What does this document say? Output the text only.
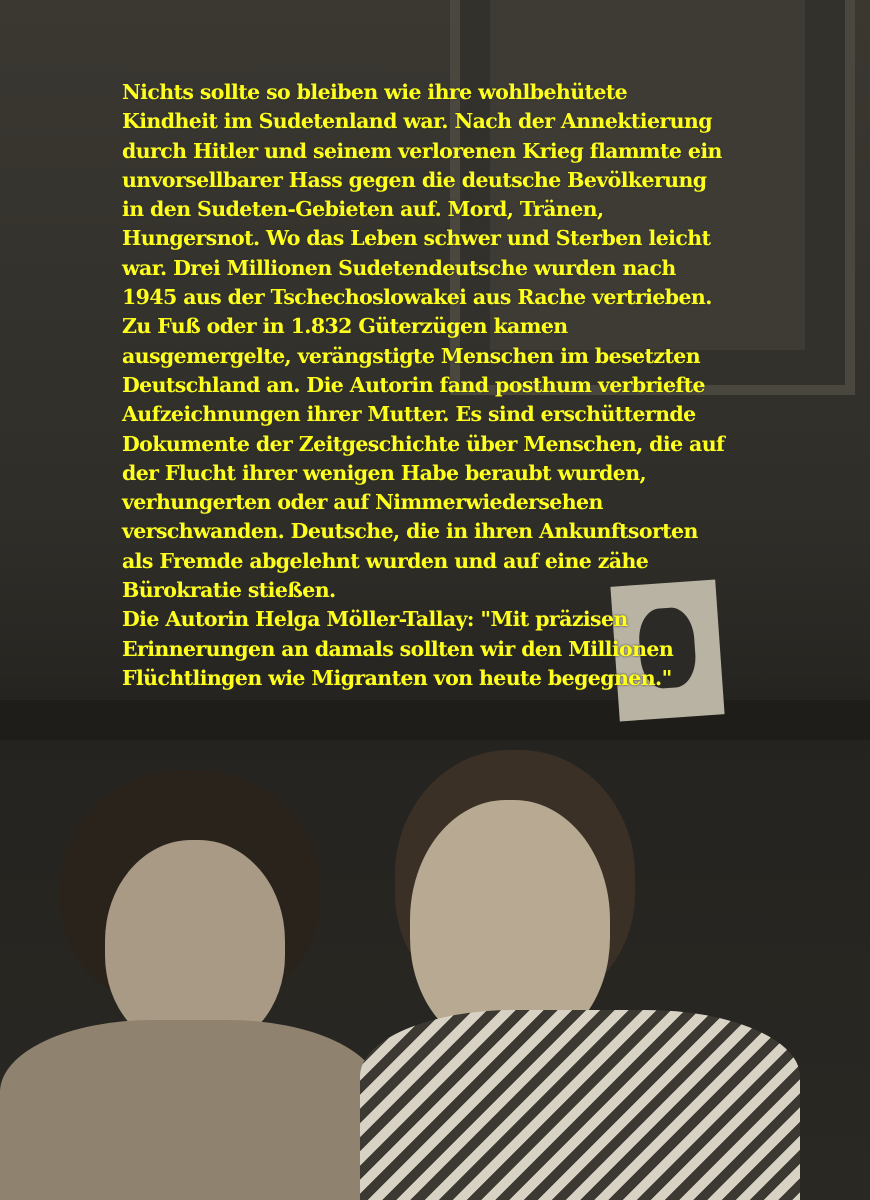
Nichts sollte so bleiben wie ihre wohlbehütete
Kindheit im Sudetenland war. Nach der Annektierung
durch Hitler und seinem verlorenen Krieg flammte ein
unvorsellbarer Hass gegen die deutsche Bevölkerung
in den Sudeten-Gebieten auf. Mord, Tränen,
Hungersnot. Wo das Leben schwer und Sterben leicht
war. Drei Millionen Sudetendeutsche wurden nach
1945 aus der Tschechoslowakei aus Rache vertrieben.
Zu Fuß oder in 1.832 Güterzügen kamen
ausgemergelte, verängstigte Menschen im besetzten
Deutschland an. Die Autorin fand posthum verbriefte
Aufzeichnungen ihrer Mutter. Es sind erschütternde
Dokumente der Zeitgeschichte über Menschen, die auf
der Flucht ihrer wenigen Habe beraubt wurden,
verhungerten oder auf Nimmerwiedersehen
verschwanden. Deutsche, die in ihren Ankunftsorten
als Fremde abgelehnt wurden und auf eine zähe
Bürokratie stießen.
Die Autorin Helga Möller-Tallay: "Mit präzisen
Erinnerungen an damals sollten wir den Millionen
Flüchtlingen wie Migranten von heute begegnen."
